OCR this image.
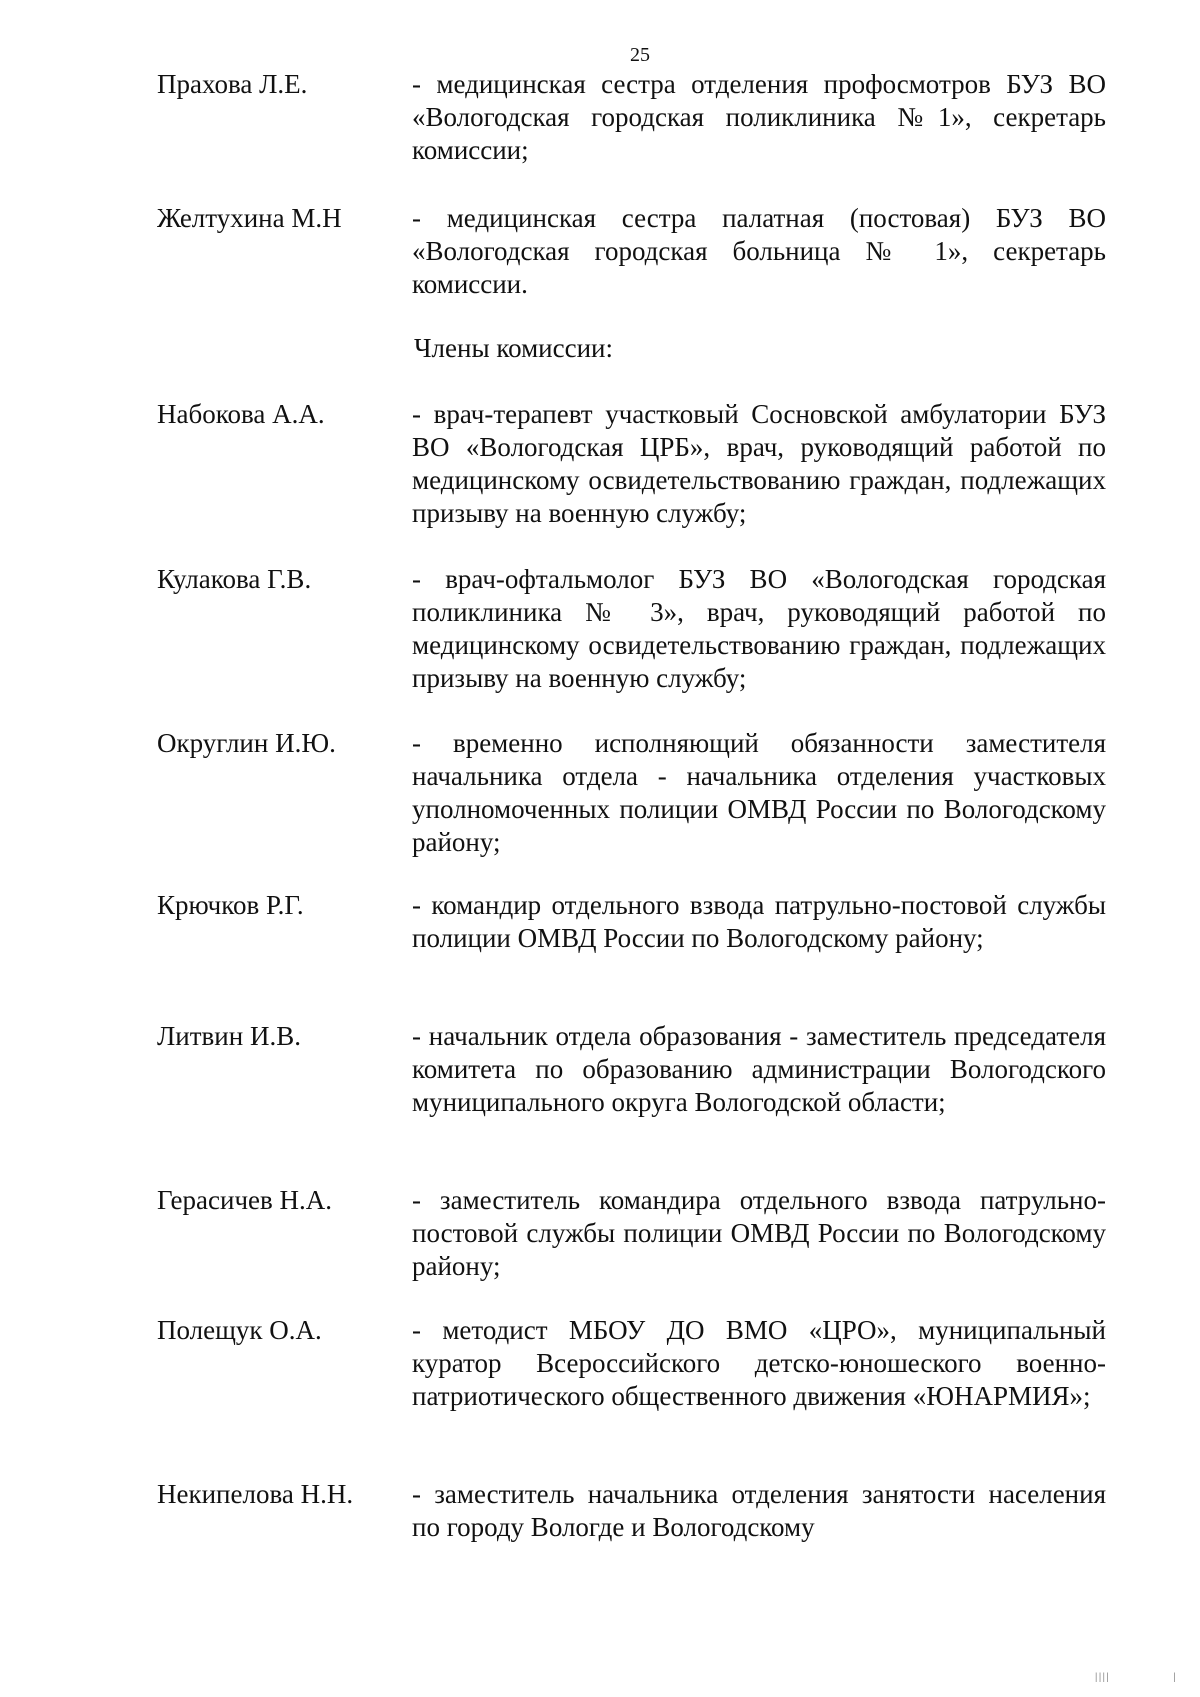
25
Прахова Л.Е.	- медицинская сестра отделения профосмотров БУЗ ВО «Вологодская городская поликлиника №1», секретарь комиссии;
Желтухина М.Н	- медицинская сестра палатная (постовая) БУЗ ВО «Вологодская городская больница № 1», секретарь комиссии.
Члены комиссии:
Набокова А.А.	- врач-терапевт участковый Сосновской амбулатории БУЗ ВО «Вологодская ЦРБ», врач, руководящий работой по медицинскому освидетельствованию граждан, подлежащих призыву на военную службу;
Кулакова Г.В.	- врач-офтальмолог БУЗ ВО «Вологодская городская поликлиника № 3», врач, руководящий работой по медицинскому освидетельствованию граждан, подлежащих призыву на военную службу;
Округлин И.Ю.	- временно исполняющий обязанности заместителя начальника отдела - начальника отделения участковых уполномоченных полиции ОМВД России по Вологодскому району;
Крючков Р.Г.	- командир отдельного взвода патрульно-постовой службы полиции ОМВД России по Вологодскому району;
Литвин И.В.	- начальник отдела образования - заместитель председателя комитета по образованию администрации Вологодского муниципального округа Вологодской области;
Герасичев Н.А.	- заместитель командира отдельного взвода патрульно-постовой службы полиции ОМВД России по Вологодскому району;
Полещук О.А.	- методист МБОУ ДО ВМО «ЦРО», муниципальный куратор Всероссийского детско-юношеского военно-патриотического общественного движения «ЮНАРМИЯ»;
Некипелова Н.Н. - заместитель начальника отделения занятости населения по городу Вологде и Вологодскому
ǀǀǀǀ	ǀ
